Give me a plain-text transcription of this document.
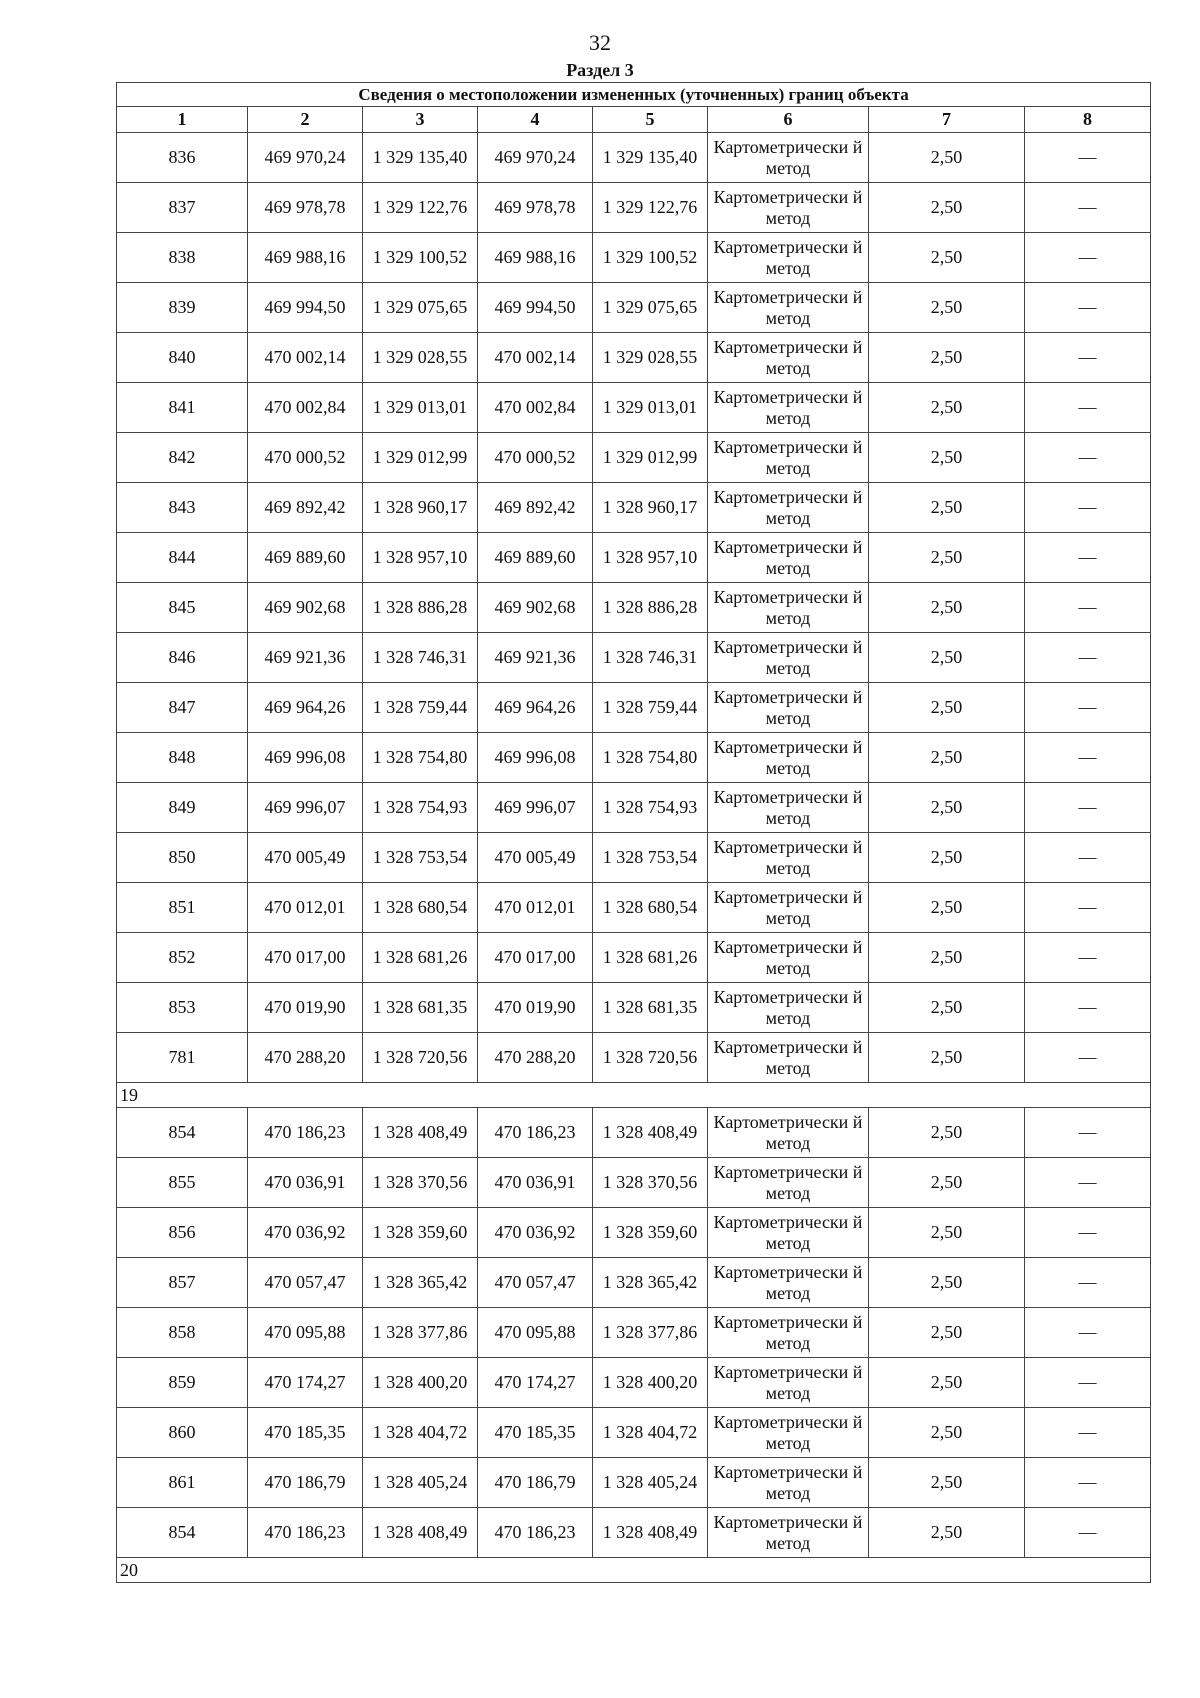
32
Раздел 3
Сведения о местоположении измененных (уточненных) границ объекта							
1	2	3	4	5	6	7	8
836	469 970,24	1 329 135,40	469 970,24	1 329 135,40	Картометрически й метод	2,50	—
837	469 978,78	1 329 122,76	469 978,78	1 329 122,76	Картометрически й метод	2,50	—
838	469 988,16	1 329 100,52	469 988,16	1 329 100,52	Картометрически й метод	2,50	—
839	469 994,50	1 329 075,65	469 994,50	1 329 075,65	Картометрически й метод	2,50	—
840	470 002,14	1 329 028,55	470 002,14	1 329 028,55	Картометрически й метод	2,50	—
841	470 002,84	1 329 013,01	470 002,84	1 329 013,01	Картометрически й метод	2,50	—
842	470 000,52	1 329 012,99	470 000,52	1 329 012,99	Картометрически й метод	2,50	—
843	469 892,42	1 328 960,17	469 892,42	1 328 960,17	Картометрически й метод	2,50	—
844	469 889,60	1 328 957,10	469 889,60	1 328 957,10	Картометрически й метод	2,50	—
845	469 902,68	1 328 886,28	469 902,68	1 328 886,28	Картометрически й метод	2,50	—
846	469 921,36	1 328 746,31	469 921,36	1 328 746,31	Картометрически й метод	2,50	—
847	469 964,26	1 328 759,44	469 964,26	1 328 759,44	Картометрически й метод	2,50	—
848	469 996,08	1 328 754,80	469 996,08	1 328 754,80	Картометрически й метод	2,50	—
849	469 996,07	1 328 754,93	469 996,07	1 328 754,93	Картометрически й метод	2,50	—
850	470 005,49	1 328 753,54	470 005,49	1 328 753,54	Картометрически й метод	2,50	—
851	470 012,01	1 328 680,54	470 012,01	1 328 680,54	Картометрически й метод	2,50	—
852	470 017,00	1 328 681,26	470 017,00	1 328 681,26	Картометрически й метод	2,50	—
853	470 019,90	1 328 681,35	470 019,90	1 328 681,35	Картометрически й метод	2,50	—
781	470 288,20	1 328 720,56	470 288,20	1 328 720,56	Картометрически й метод	2,50	—
19							
854	470 186,23	1 328 408,49	470 186,23	1 328 408,49	Картометрически й метод	2,50	—
855	470 036,91	1 328 370,56	470 036,91	1 328 370,56	Картометрически й метод	2,50	—
856	470 036,92	1 328 359,60	470 036,92	1 328 359,60	Картометрически й метод	2,50	—
857	470 057,47	1 328 365,42	470 057,47	1 328 365,42	Картометрически й метод	2,50	—
858	470 095,88	1 328 377,86	470 095,88	1 328 377,86	Картометрически й метод	2,50	—
859	470 174,27	1 328 400,20	470 174,27	1 328 400,20	Картометрически й метод	2,50	—
860	470 185,35	1 328 404,72	470 185,35	1 328 404,72	Картометрически й метод	2,50	—
861	470 186,79	1 328 405,24	470 186,79	1 328 405,24	Картометрически й метод	2,50	—
854	470 186,23	1 328 408,49	470 186,23	1 328 408,49	Картометрически й метод	2,50	—
20							
